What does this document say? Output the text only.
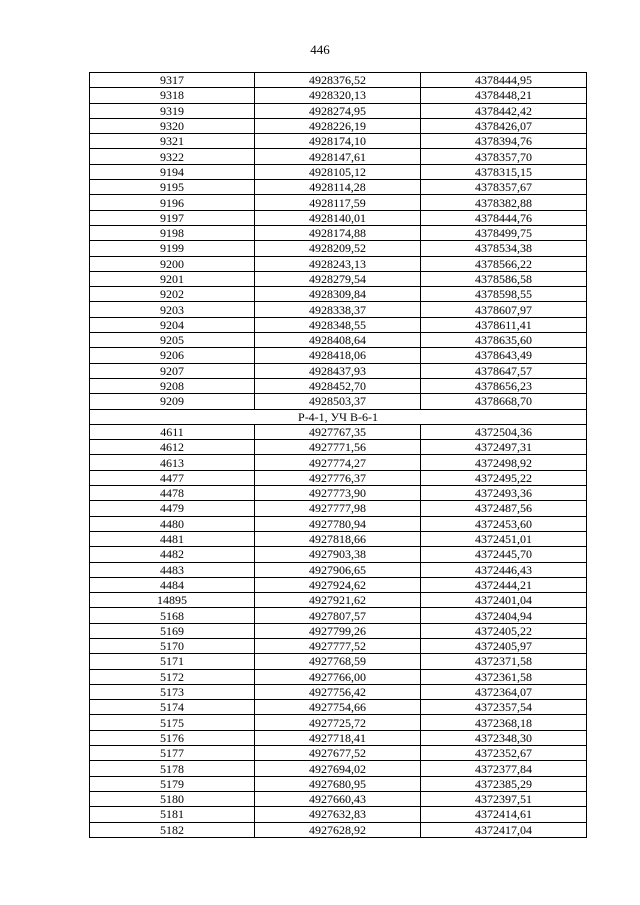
446
9317	4928376,52	4378444,95
9318	4928320,13	4378448,21
9319	4928274,95	4378442,42
9320	4928226,19	4378426,07
9321	4928174,10	4378394,76
9322	4928147,61	4378357,70
9194	4928105,12	4378315,15
9195	4928114,28	4378357,67
9196	4928117,59	4378382,88
9197	4928140,01	4378444,76
9198	4928174,88	4378499,75
9199	4928209,52	4378534,38
9200	4928243,13	4378566,22
9201	4928279,54	4378586,58
9202	4928309,84	4378598,55
9203	4928338,37	4378607,97
9204	4928348,55	4378611,41
9205	4928408,64	4378635,60
9206	4928418,06	4378643,49
9207	4928437,93	4378647,57
9208	4928452,70	4378656,23
9209	4928503,37	4378668,70
Р-4-1, УЧ В-6-1		
4611	4927767,35	4372504,36
4612	4927771,56	4372497,31
4613	4927774,27	4372498,92
4477	4927776,37	4372495,22
4478	4927773,90	4372493,36
4479	4927777,98	4372487,56
4480	4927780,94	4372453,60
4481	4927818,66	4372451,01
4482	4927903,38	4372445,70
4483	4927906,65	4372446,43
4484	4927924,62	4372444,21
14895	4927921,62	4372401,04
5168	4927807,57	4372404,94
5169	4927799,26	4372405,22
5170	4927777,52	4372405,97
5171	4927768,59	4372371,58
5172	4927766,00	4372361,58
5173	4927756,42	4372364,07
5174	4927754,66	4372357,54
5175	4927725,72	4372368,18
5176	4927718,41	4372348,30
5177	4927677,52	4372352,67
5178	4927694,02	4372377,84
5179	4927680,95	4372385,29
5180	4927660,43	4372397,51
5181	4927632,83	4372414,61
5182	4927628,92	4372417,04
